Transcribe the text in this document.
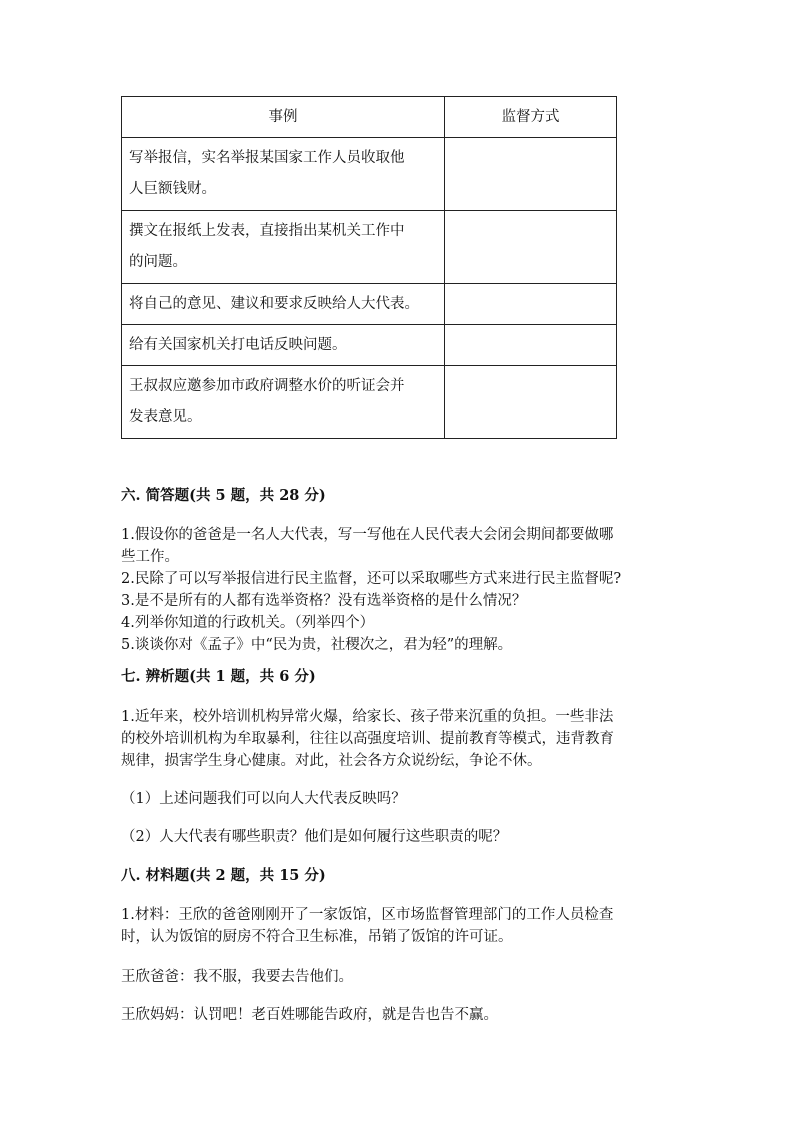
事例	监督方式

写举报信，实名举报某国家工作人员收取他
人巨额钱财。	

撰文在报纸上发表，直接指出某机关工作中
的问题。	

将自己的意见、建议和要求反映给人大代表。	

给有关国家机关打电话反映问题。	

王叔叔应邀参加市政府调整水价的听证会并
发表意见。	

六. 简答题(共 5 题，共 28 分)
1.假设你的爸爸是一名人大代表，写一写他在人民代表大会闭会期间都要做哪
些工作。
2.民除了可以写举报信进行民主监督，还可以采取哪些方式来进行民主监督呢?
3.是不是所有的人都有选举资格？没有选举资格的是什么情况？
4.列举你知道的行政机关。（列举四个）
5.谈谈你对《孟子》中“民为贵，社稷次之，君为轻”的理解。
七. 辨析题(共 1 题，共 6 分)
1.近年来，校外培训机构异常火爆，给家长、孩子带来沉重的负担。一些非法
的校外培训机构为牟取暴利，往往以高强度培训、提前教育等模式，违背教育
规律，损害学生身心健康。对此，社会各方众说纷纭，争论不休。
（1）上述问题我们可以向人大代表反映吗？
（2）人大代表有哪些职责？他们是如何履行这些职责的呢？
八. 材料题(共 2 题，共 15 分)
1.材料：王欣的爸爸刚刚开了一家饭馆，区市场监督管理部门的工作人员检查
时，认为饭馆的厨房不符合卫生标准，吊销了饭馆的许可证。
王欣爸爸：我不服，我要去告他们。
王欣妈妈：认罚吧！老百姓哪能告政府，就是告也告不赢。
